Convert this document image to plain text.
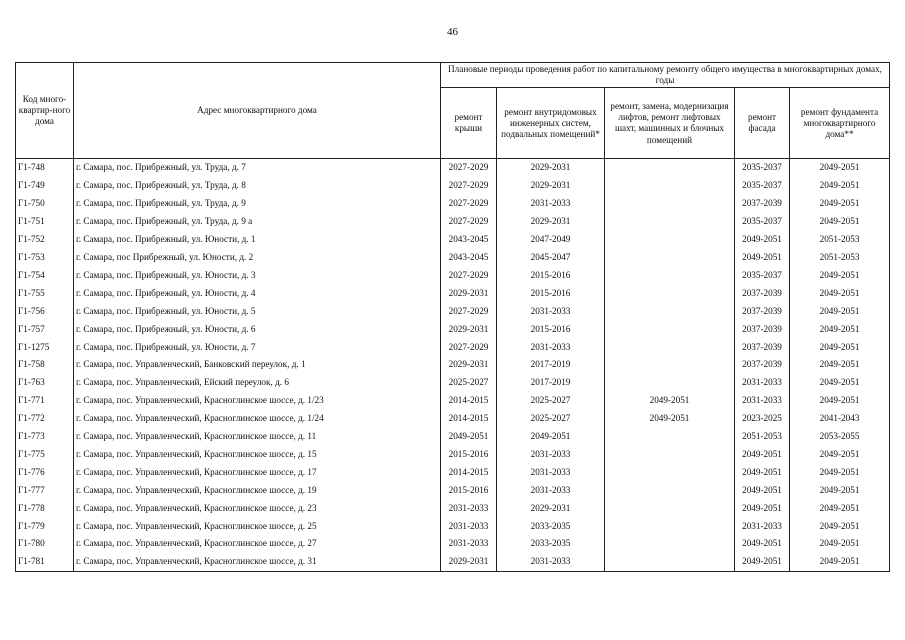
46
Код много-квартир-ного дома	Адрес многоквартирного дома	Плановые периоды проведения работ по капитальному ремонту общего имущества в многоквартирных домах, годы				
		ремонт крыши	ремонт внутридомовых инженерных систем, подвальных помещений*	ремонт, замена, модернизация лифтов, ремонт лифтовых шахт, машинных и блочных помещений	ремонт фасада	ремонт фундамента многоквартирного дома**
Г1-748	г. Самара, пос. Прибрежный, ул. Труда, д. 7	2027-2029	2029-2031		2035-2037	2049-2051
Г1-749	г. Самара, пос. Прибрежный, ул. Труда, д. 8	2027-2029	2029-2031		2035-2037	2049-2051
Г1-750	г. Самара, пос. Прибрежный, ул. Труда, д. 9	2027-2029	2031-2033		2037-2039	2049-2051
Г1-751	г. Самара, пос. Прибрежный, ул. Труда, д. 9 а	2027-2029	2029-2031		2035-2037	2049-2051
Г1-752	г. Самара, пос. Прибрежный, ул. Юности, д. 1	2043-2045	2047-2049		2049-2051	2051-2053
Г1-753	г. Самара, пос Прибрежный, ул. Юности, д. 2	2043-2045	2045-2047		2049-2051	2051-2053
Г1-754	г. Самара, пос. Прибрежный, ул. Юности, д. 3	2027-2029	2015-2016		2035-2037	2049-2051
Г1-755	г. Самара, пос. Прибрежный, ул. Юности, д. 4	2029-2031	2015-2016		2037-2039	2049-2051
Г1-756	г. Самара, пос. Прибрежный, ул. Юности, д. 5	2027-2029	2031-2033		2037-2039	2049-2051
Г1-757	г. Самара, пос. Прибрежный, ул. Юности, д. 6	2029-2031	2015-2016		2037-2039	2049-2051
Г1-1275	г. Самара, пос. Прибрежный, ул. Юности, д. 7	2027-2029	2031-2033		2037-2039	2049-2051
Г1-758	г. Самара, пос. Управленческий, Банковский переулок, д. 1	2029-2031	2017-2019		2037-2039	2049-2051
Г1-763	г. Самара, пос. Управленческий, Ейский переулок, д. 6	2025-2027	2017-2019		2031-2033	2049-2051
Г1-771	г. Самара, пос. Управленческий, Красноглинское шоссе, д. 1/23	2014-2015	2025-2027	2049-2051	2031-2033	2049-2051
Г1-772	г. Самара, пос. Управленческий, Красноглинское шоссе, д. 1/24	2014-2015	2025-2027	2049-2051	2023-2025	2041-2043
Г1-773	г. Самара, пос. Управленческий, Красноглинское шоссе, д. 11	2049-2051	2049-2051		2051-2053	2053-2055
Г1-775	г. Самара, пос. Управленческий, Красноглинское шоссе, д. 15	2015-2016	2031-2033		2049-2051	2049-2051
Г1-776	г. Самара, пос. Управленческий, Красноглинское шоссе, д. 17	2014-2015	2031-2033		2049-2051	2049-2051
Г1-777	г. Самара, пос. Управленческий, Красноглинское шоссе, д. 19	2015-2016	2031-2033		2049-2051	2049-2051
Г1-778	г. Самара, пос. Управленческий, Красноглинское шоссе, д. 23	2031-2033	2029-2031		2049-2051	2049-2051
Г1-779	г. Самара, пос. Управленческий, Красноглинское шоссе, д. 25	2031-2033	2033-2035		2031-2033	2049-2051
Г1-780	г. Самара, пос. Управленческий, Красноглинское шоссе, д. 27	2031-2033	2033-2035		2049-2051	2049-2051
Г1-781	г. Самара, пос. Управленческий, Красноглинское шоссе, д. 31	2029-2031	2031-2033		2049-2051	2049-2051
